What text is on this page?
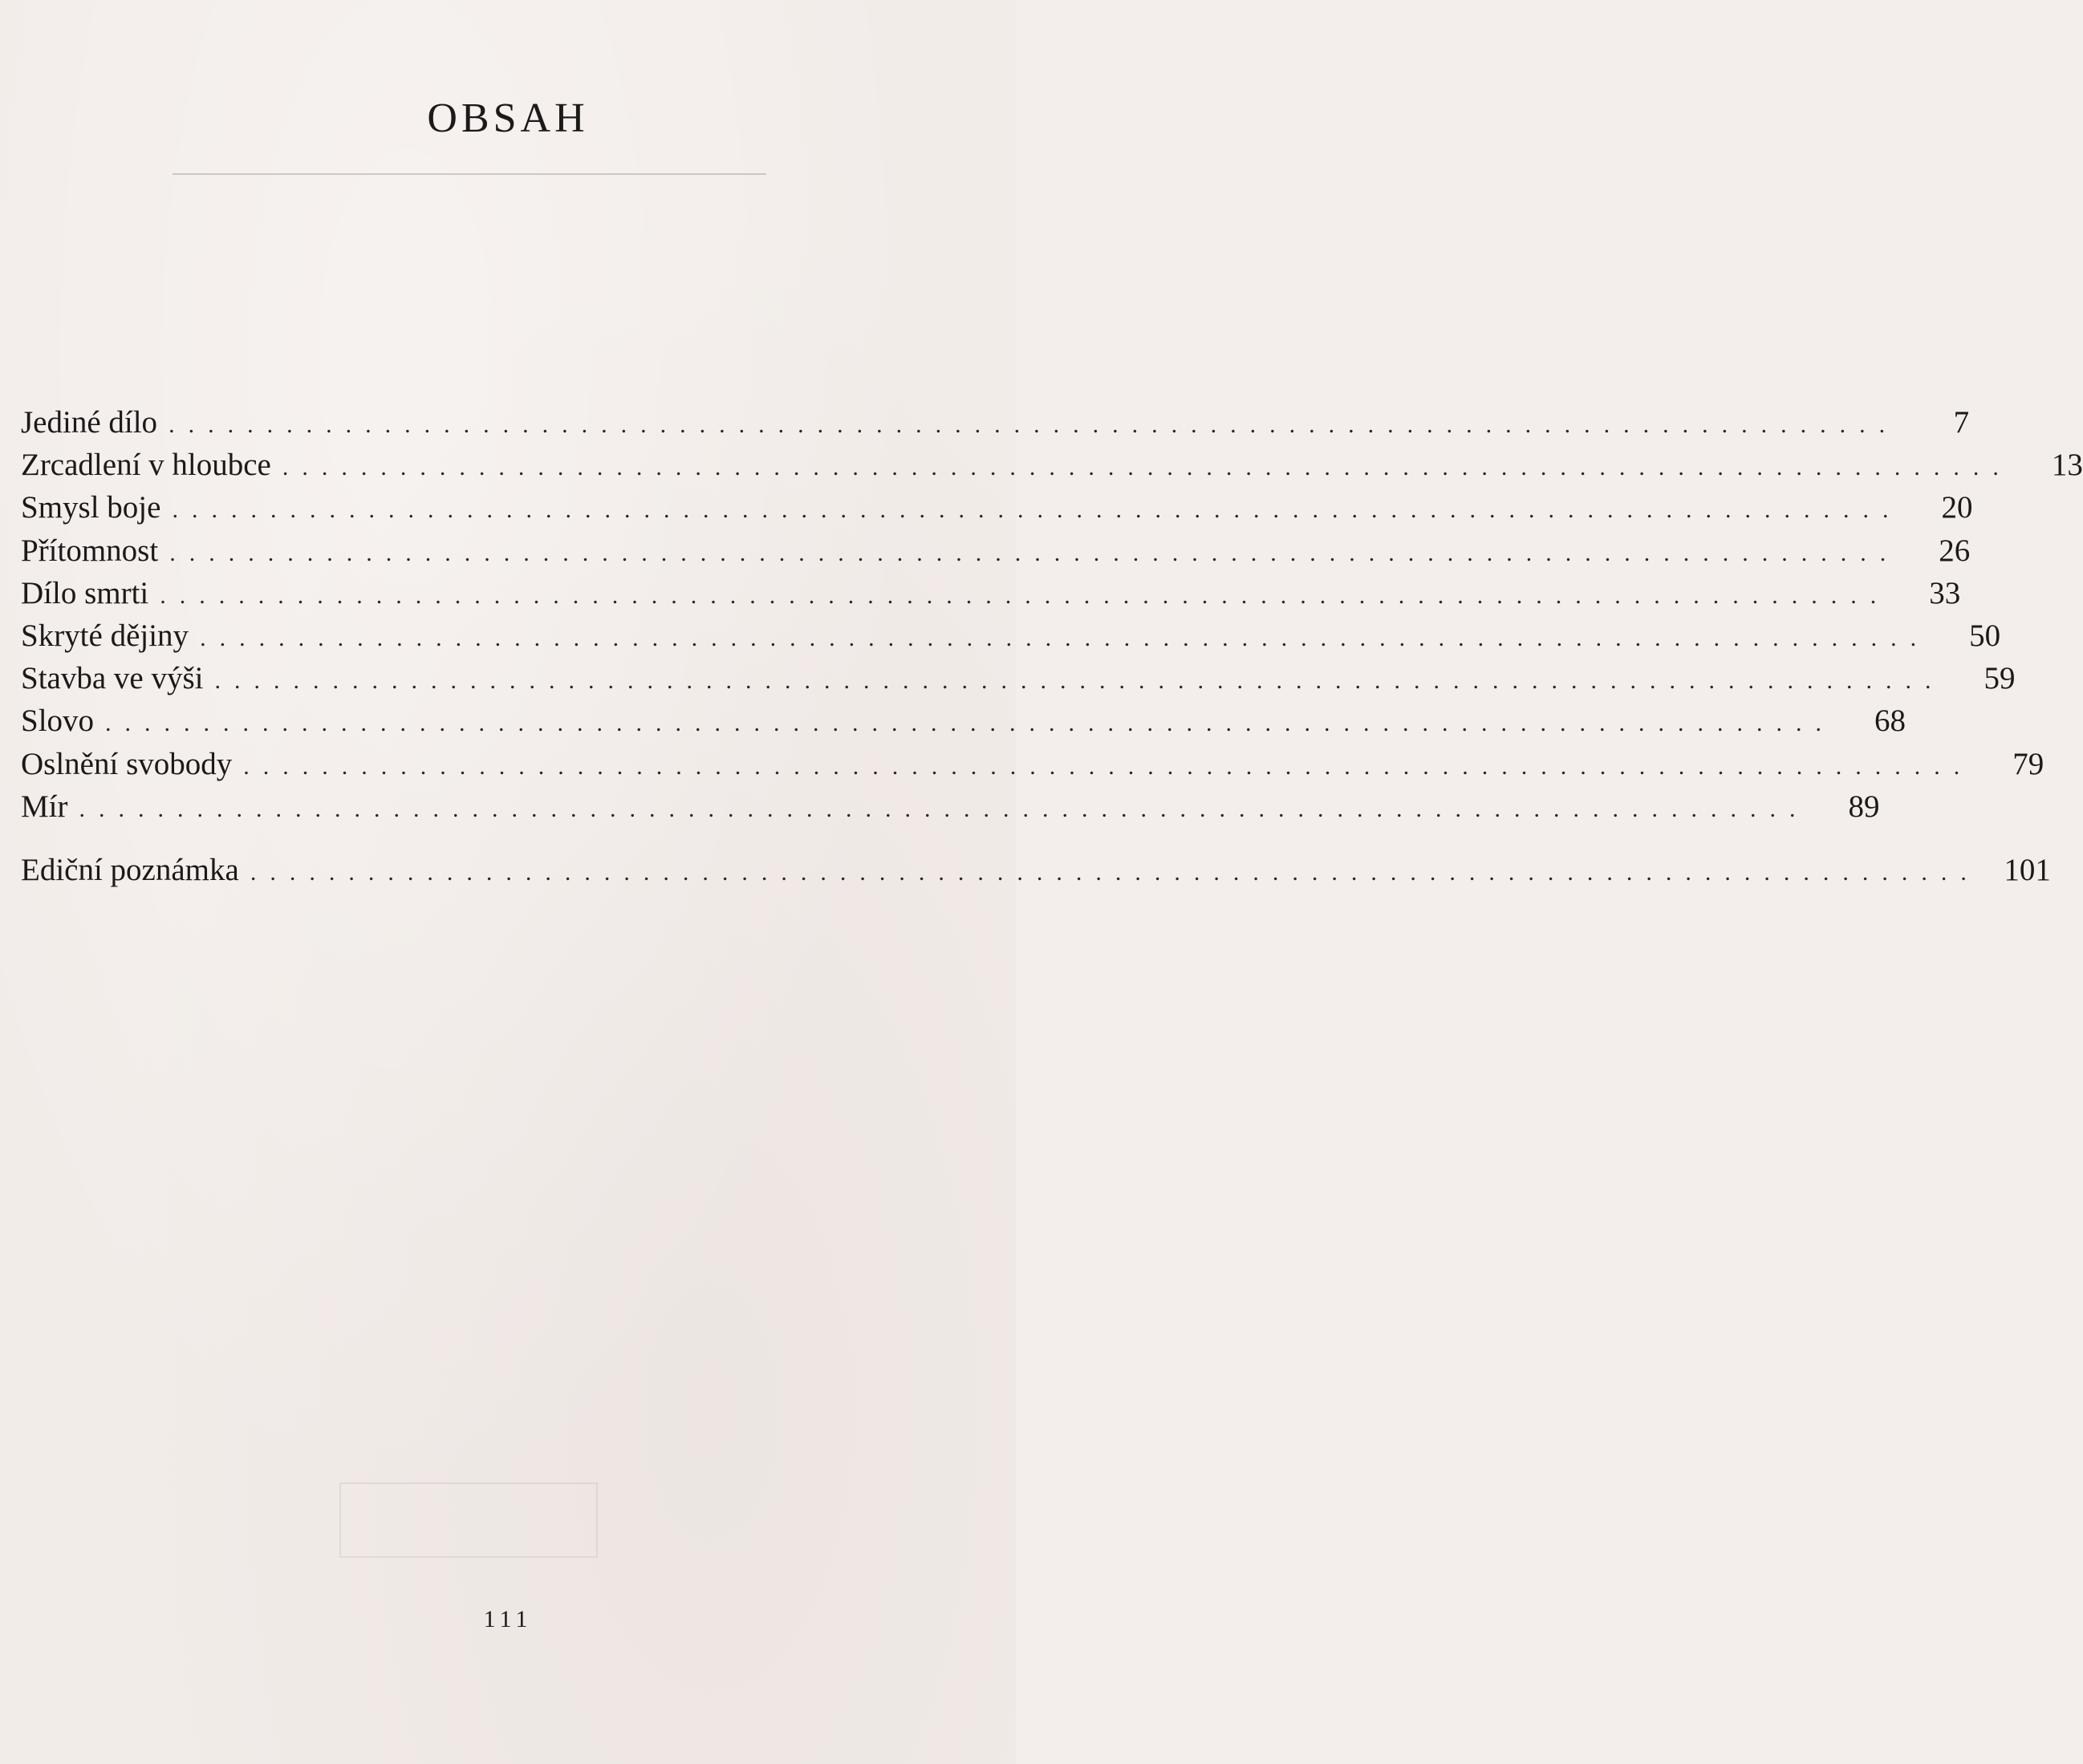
OBSAH
Jediné dílo ........................................................................................	7
Zrcadlení v hloubce ........................................................................................	13
Smysl boje ........................................................................................	20
Přítomnost ........................................................................................	26
Dílo smrti ........................................................................................	33
Skryté dějiny ........................................................................................	50
Stavba ve výši ........................................................................................	59
Slovo ........................................................................................	68
Oslnění svobody ........................................................................................	79
Mír ........................................................................................	89
Ediční poznámka ........................................................................................ 101
111
